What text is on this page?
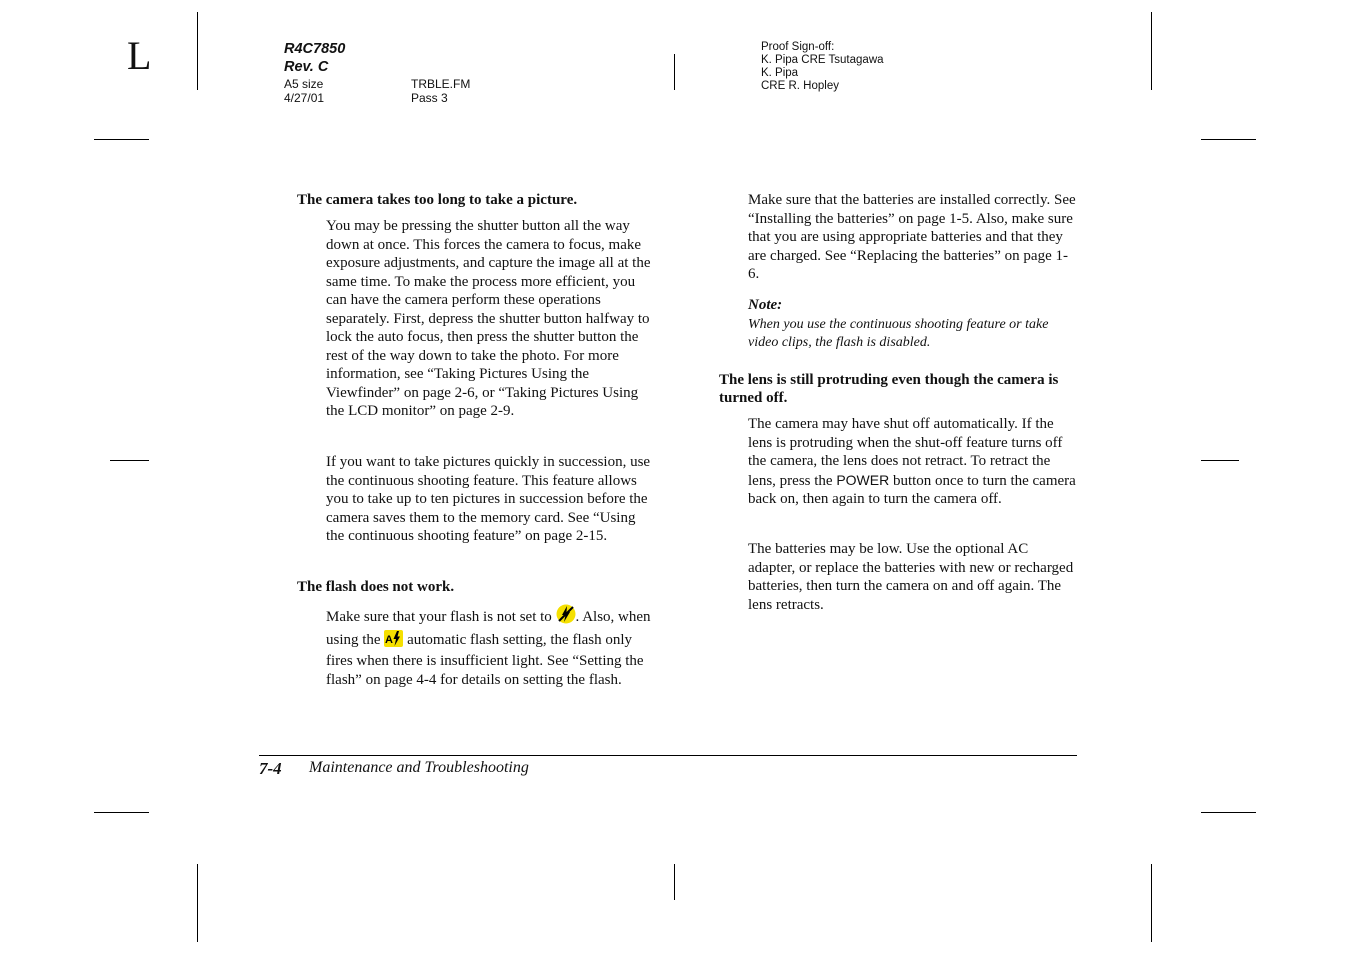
L	R4C7850
Rev. C
A5 size
4/27/01
TRBLE.FM
Pass 3
Proof Sign-off:
K. Pipa CRE Tsutagawa
K. Pipa
CRE R. Hopley
The camera takes too long to take a picture.

You may be pressing the shutter button all the way down at once. This forces the camera to focus, make exposure adjustments, and capture the image all at the same time. To make the process more efficient, you can have the camera perform these operations separately. First, depress the shutter button halfway to lock the auto focus, then press the shutter button the rest of the way down to take the photo. For more information, see “Taking Pictures Using the Viewfinder” on page 2-6, or “Taking Pictures Using the LCD monitor” on page 2-9.

If you want to take pictures quickly in succession, use the continuous shooting feature. This feature allows you to take up to ten pictures in succession before the camera saves them to the memory card. See “Using the continuous shooting feature” on page 2-15.

The flash does not work.

Make sure that your flash is not set to . Also, when using the A automatic flash setting, the flash only fires when there is insufficient light. See “Setting the flash” on page 4-4 for details on setting the flash.

Make sure that the batteries are installed correctly. See “Installing the batteries” on page 1-5. Also, make sure that you are using appropriate batteries and that they are charged. See “Replacing the batteries” on page 1-6.

Note:

When you use the continuous shooting feature or take video clips, the flash is disabled.

The lens is still protruding even though the camera is turned off.

The camera may have shut off automatically. If the lens is protruding when the shut-off feature turns off the camera, the lens does not retract. To retract the lens, press the POWER button once to turn the camera back on, then again to turn the camera off.

The batteries may be low. Use the optional AC adapter, or replace the batteries with new or recharged batteries, then turn the camera on and off again. The lens retracts.

7-4 Maintenance and Troubleshooting
